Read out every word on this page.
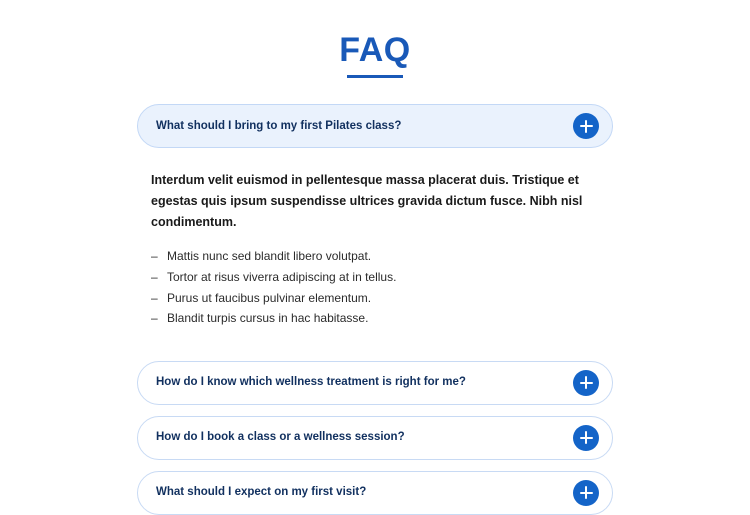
FAQ
What should I bring to my first Pilates class?

Interdum velit euismod in pellentesque massa placerat duis. Tristique et egestas quis ipsum suspendisse ultrices gravida dictum fusce. Nibh nisl condimentum.

– Mattis nunc sed blandit libero volutpat.
– Tortor at risus viverra adipiscing at in tellus.
– Purus ut faucibus pulvinar elementum.
– Blandit turpis cursus in hac habitasse.
How do I know which wellness treatment is right for me?
How do I book a class or a wellness session?
What should I expect on my first visit?
